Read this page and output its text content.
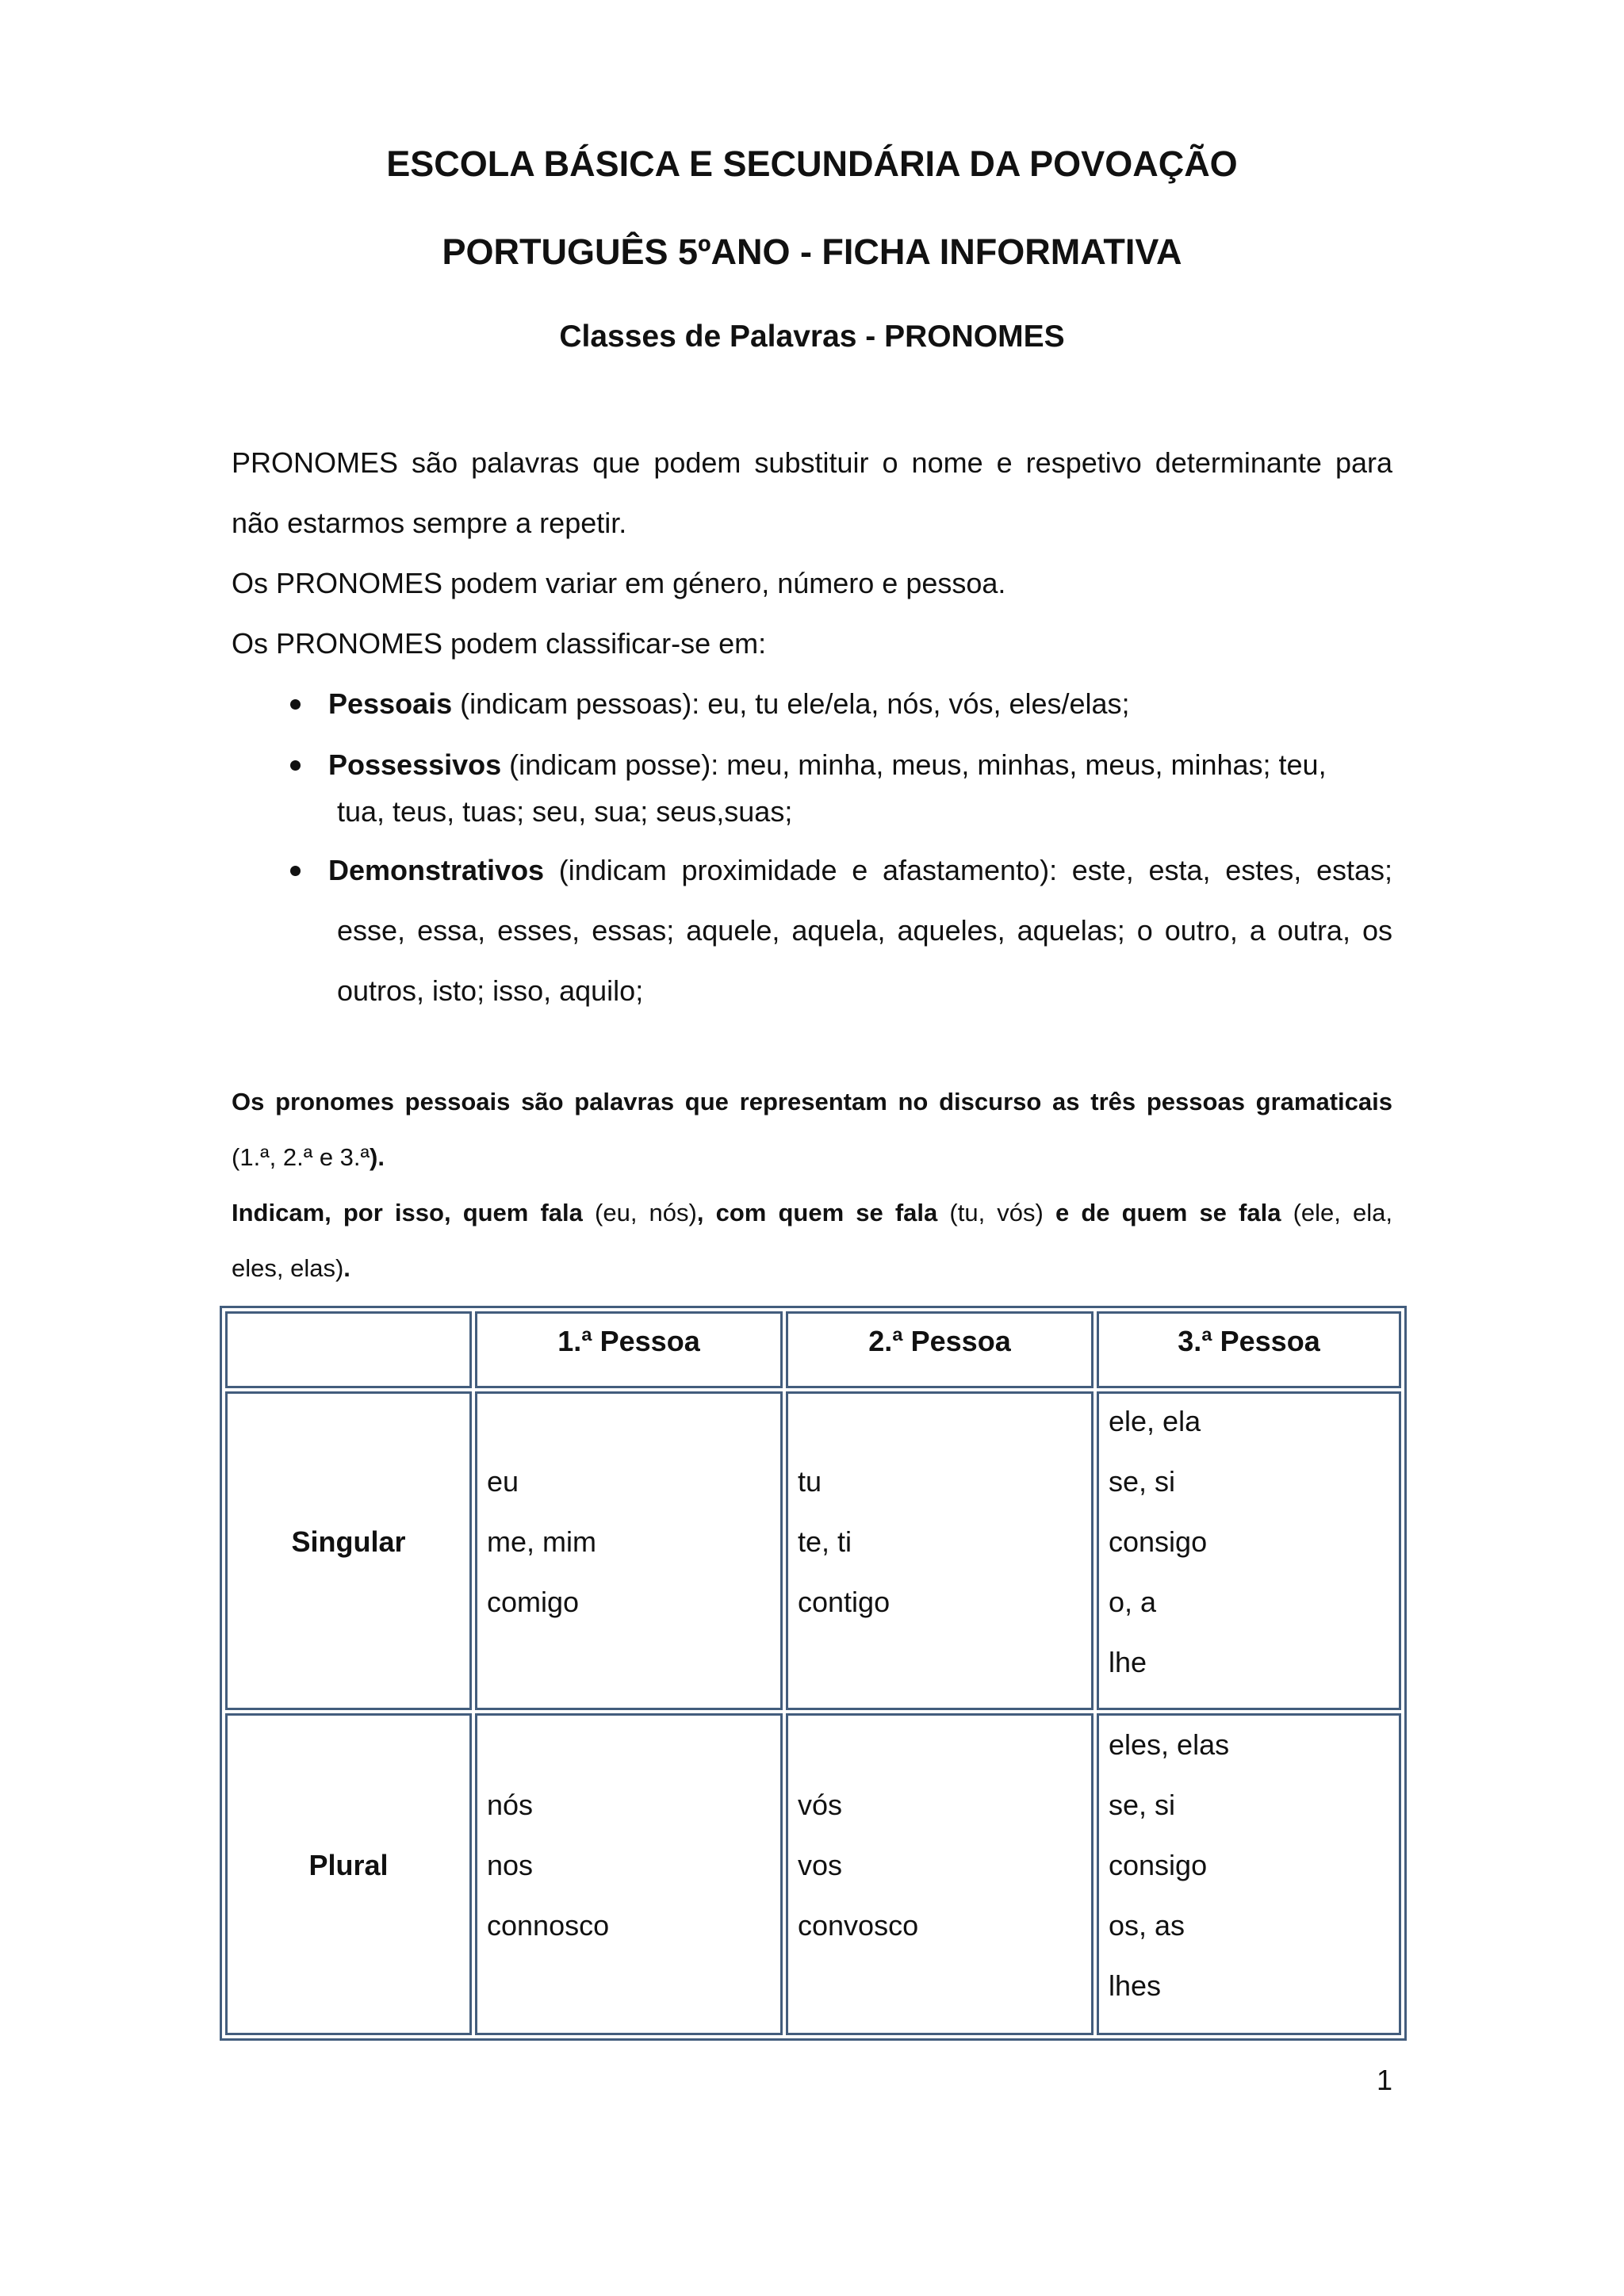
ESCOLA BÁSICA E SECUNDÁRIA DA POVOAÇÃO
PORTUGUÊS 5ºANO - FICHA INFORMATIVA
Classes de Palavras - PRONOMES
PRONOMES são palavras que podem substituir o nome e respetivo determinante para
não estarmos sempre a repetir.
Os PRONOMES podem variar em género, número e pessoa.
Os PRONOMES podem classificar-se em:
Pessoais (indicam pessoas): eu, tu ele/ela, nós, vós, eles/elas;
Possessivos (indicam posse): meu, minha, meus, minhas, meus, minhas; teu,
tua, teus, tuas; seu, sua; seus,suas;
Demonstrativos (indicam proximidade e afastamento): este, esta, estes, estas;
esse, essa, esses, essas; aquele, aquela, aqueles, aquelas; o outro, a outra, os
outros, isto; isso, aquilo;
Os pronomes pessoais são palavras que representam no discurso as três pessoas gramaticais
(1.ª, 2.ª e 3.ª).
Indicam, por isso, quem fala (eu, nós), com quem se fala (tu, vós) e de quem se fala (ele, ela,
eles, elas).
1.ª Pessoa	2.ª Pessoa	3.ª Pessoa
Singular
eu
me, mim
comigo
tu
te, ti
contigo
ele, ela
se, si
consigo
o, a
lhe
Plural
nós
nos
connosco
vós
vos
convosco
eles, elas
se, si
consigo
os, as
lhes
1
